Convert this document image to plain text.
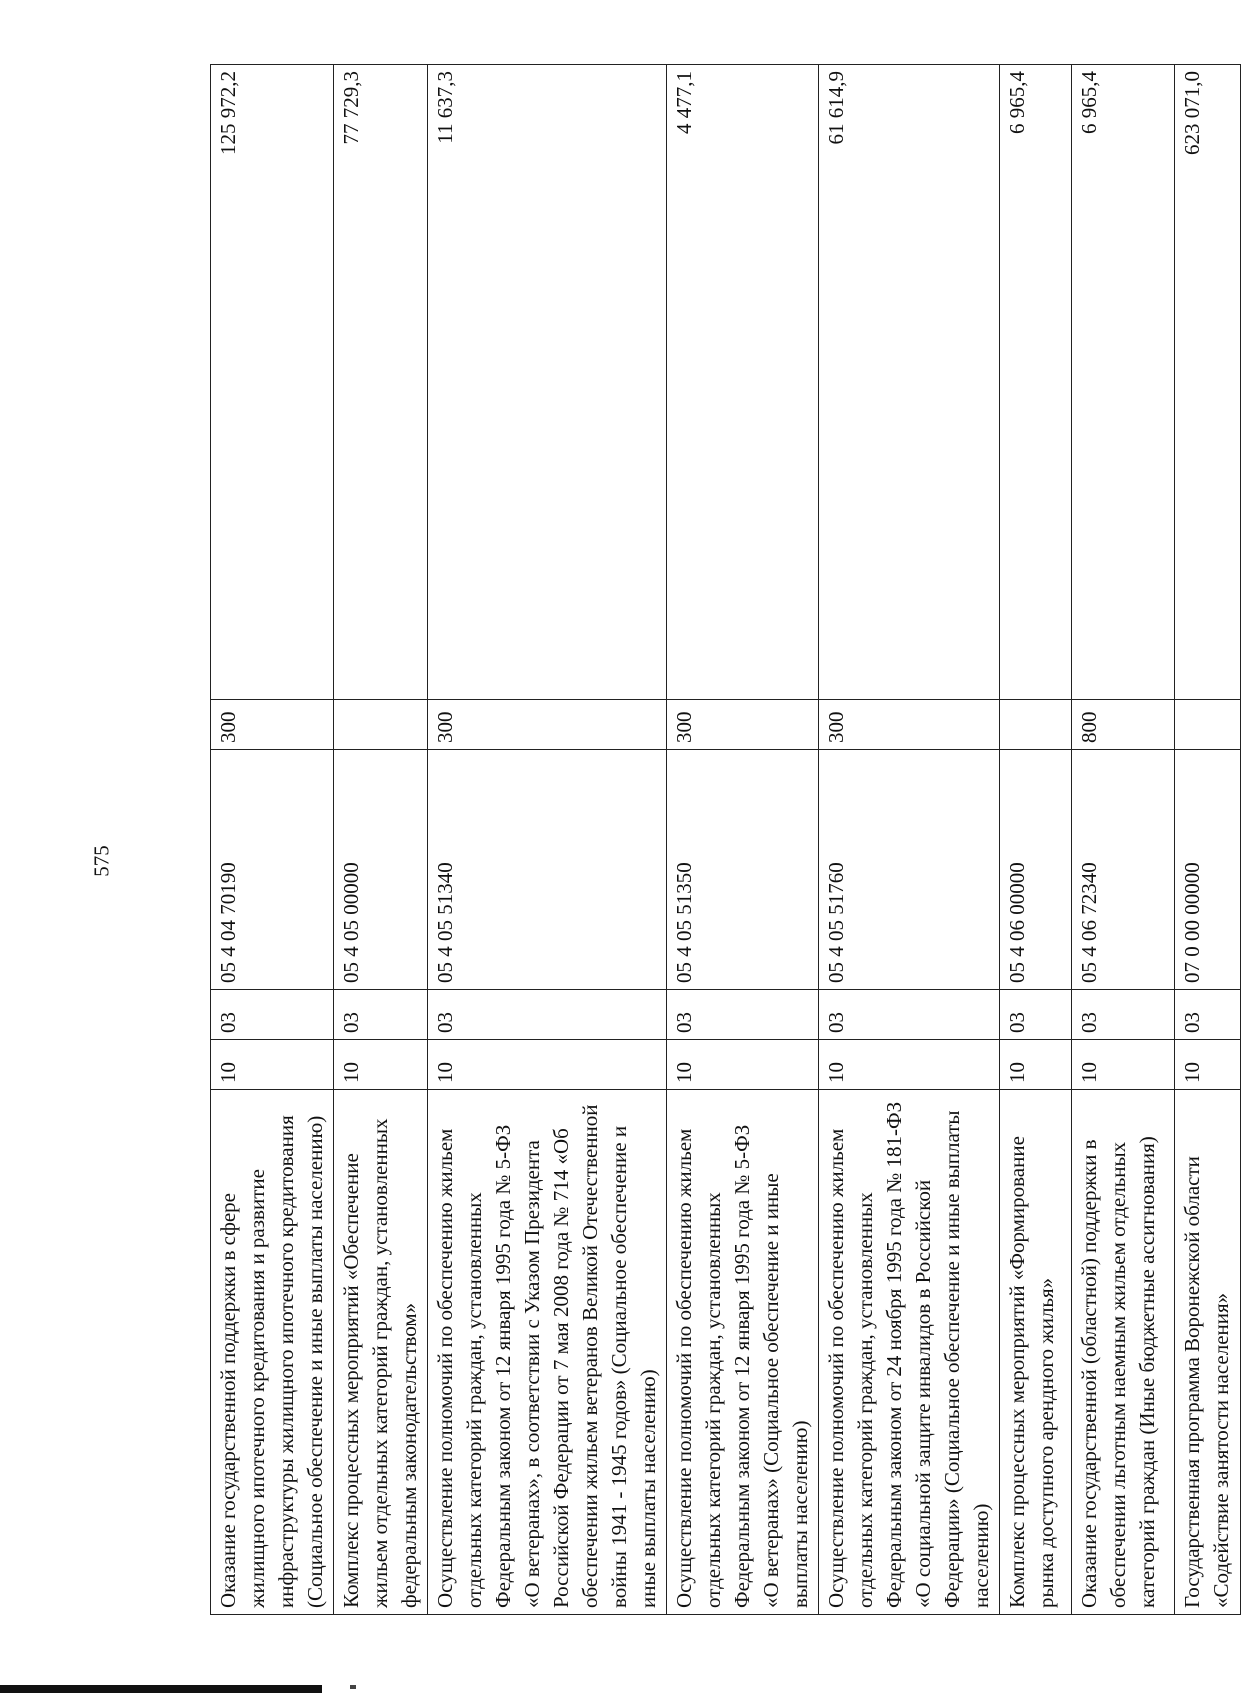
575
Оказание государственной поддержки в сфере жилищного ипотечного кредитования и развитие инфраструктуры жилищного ипотечного кредитования (Социальное обеспечение и иные выплаты населению)	10	03	05 4 04 70190	300	125 972,2
Комплекс процессных мероприятий «Обеспечение жильем отдельных категорий граждан, установленных федеральным законодательством»	10	03	05 4 05 00000		77 729,3
Осуществление полномочий по обеспечению жильем отдельных категорий граждан, установленных Федеральным законом от 12 января 1995 года № 5-ФЗ «О ветеранах», в соответствии с Указом Президента Российской Федерации от 7 мая 2008 года № 714 «Об обеспечении жильем ветеранов Великой Отечественной войны 1941 - 1945 годов» (Социальное обеспечение и иные выплаты населению)	10	03	05 4 05 51340	300	11 637,3
Осуществление полномочий по обеспечению жильем отдельных категорий граждан, установленных Федеральным законом от 12 января 1995 года № 5-ФЗ «О ветеранах» (Социальное обеспечение и иные выплаты населению)	10	03	05 4 05 51350	300	4 477,1
Осуществление полномочий по обеспечению жильем отдельных категорий граждан, установленных Федеральным законом от 24 ноября 1995 года № 181-ФЗ «О социальной защите инвалидов в Российской Федерации» (Социальное обеспечение и иные выплаты населению)	10	03	05 4 05 51760	300	61 614,9
Комплекс процессных мероприятий «Формирование рынка доступного арендного жилья»	10	03	05 4 06 00000		6 965,4
Оказание государственной (областной) поддержки в обеспечении льготным наемным жильем отдельных категорий граждан (Иные бюджетные ассигнования)	10	03	05 4 06 72340	800	6 965,4
Государственная программа Воронежской области «Содействие занятости населения»	10	03	07 0 00 00000		623 071,0
